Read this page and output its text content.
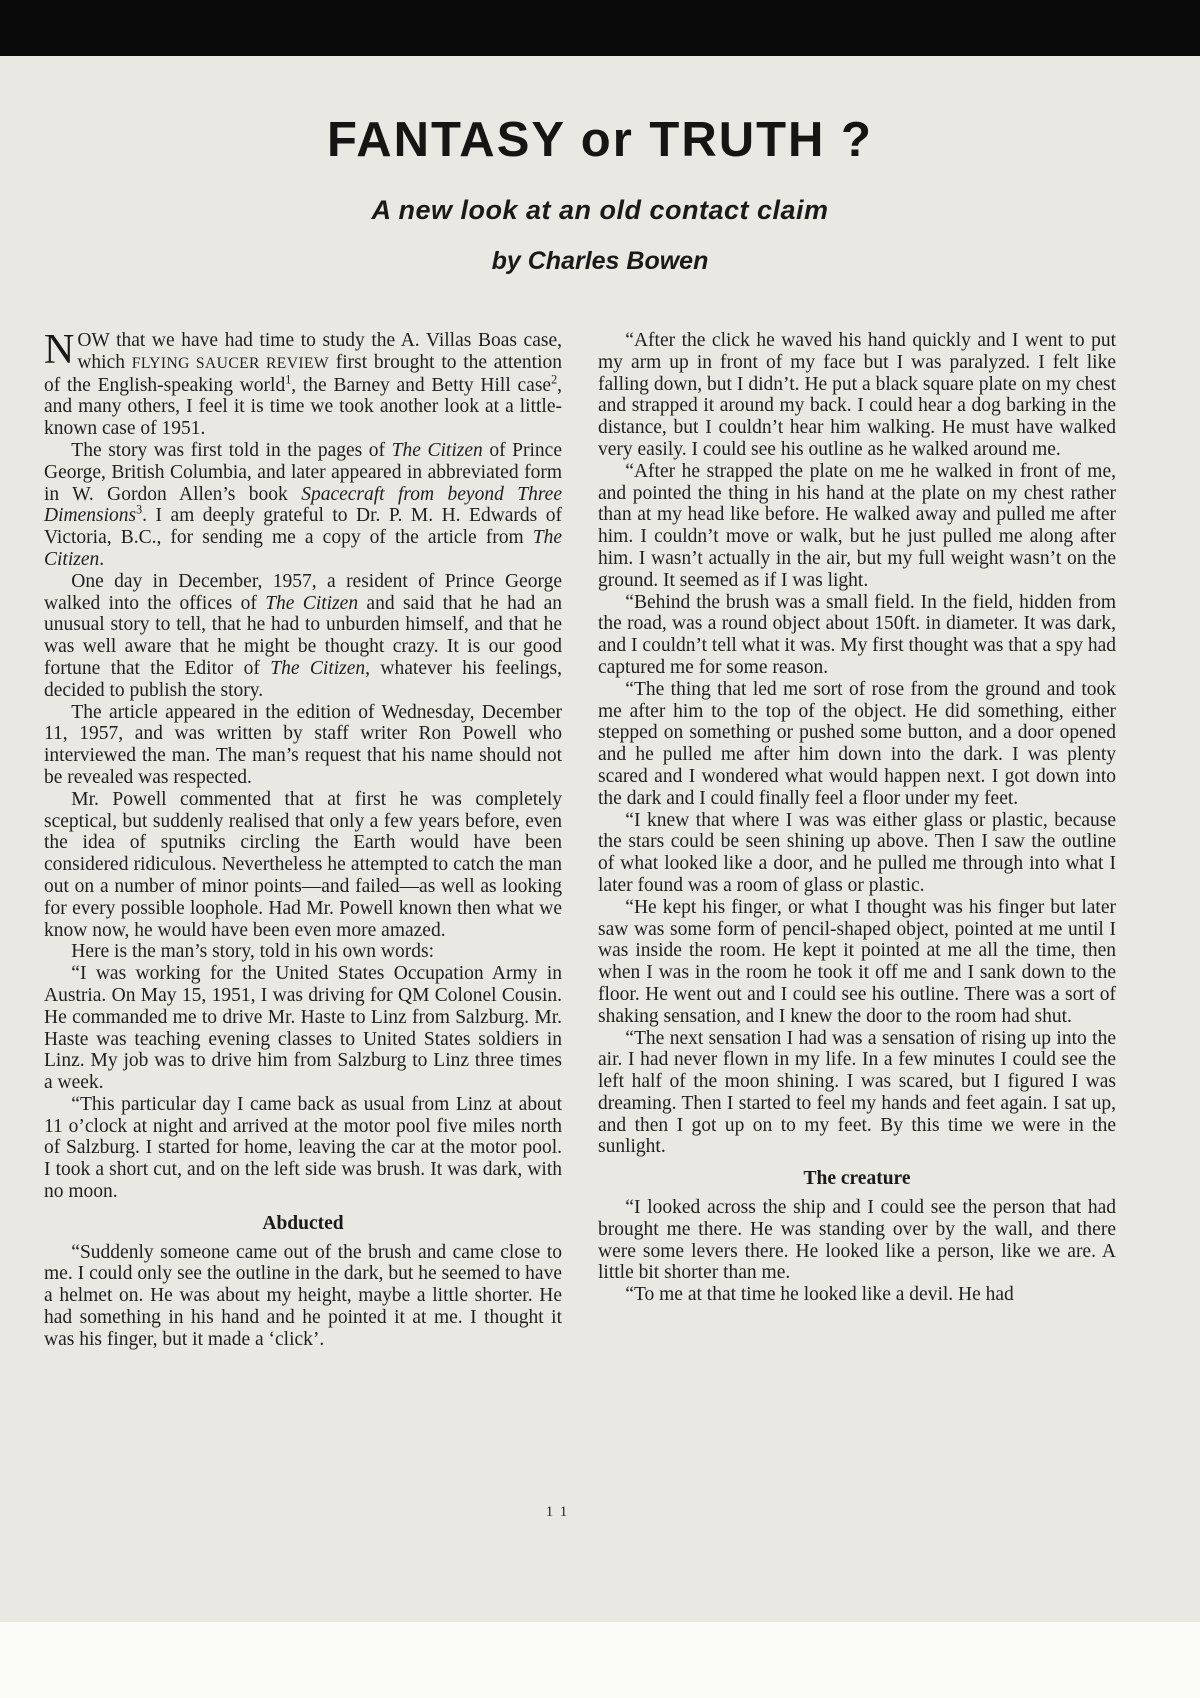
FANTASY or TRUTH ?
A new look at an old contact claim
by Charles Bowen

NOW that we have had time to study the A. Villas Boas case, which FLYING SAUCER REVIEW first brought to the attention of the English-speaking world$^1$, the Barney and Betty Hill case$^2$, and many others, I feel it is time we took another look at a little-known case of 1951.

The story was first told in the pages of The Citizen of Prince George, British Columbia, and later appeared in abbreviated form in W. Gordon Allen’s book Spacecraft from beyond Three Dimensions$^3$. I am deeply grateful to Dr. P. M. H. Edwards of Victoria, B.C., for sending me a copy of the article from The Citizen.

One day in December, 1957, a resident of Prince George walked into the offices of The Citizen and said that he had an unusual story to tell, that he had to unburden himself, and that he was well aware that he might be thought crazy. It is our good fortune that the Editor of The Citizen, whatever his feelings, decided to publish the story.

The article appeared in the edition of Wednesday, December 11, 1957, and was written by staff writer Ron Powell who interviewed the man. The man’s request that his name should not be revealed was respected.

Mr. Powell commented that at first he was completely sceptical, but suddenly realised that only a few years before, even the idea of sputniks circling the Earth would have been considered ridiculous. Nevertheless he attempted to catch the man out on a number of minor points—and failed—as well as looking for every possible loophole. Had Mr. Powell known then what we know now, he would have been even more amazed.

Here is the man’s story, told in his own words:

“I was working for the United States Occupation Army in Austria. On May 15, 1951, I was driving for QM Colonel Cousin. He commanded me to drive Mr. Haste to Linz from Salzburg. Mr. Haste was teaching evening classes to United States soldiers in Linz. My job was to drive him from Salzburg to Linz three times a week.

“This particular day I came back as usual from Linz at about 11 o’clock at night and arrived at the motor pool five miles north of Salzburg. I started for home, leaving the car at the motor pool. I took a short cut, and on the left side was brush. It was dark, with no moon.

Abducted

“Suddenly someone came out of the brush and came close to me. I could only see the outline in the dark, but he seemed to have a helmet on. He was about my height, maybe a little shorter. He had something in his hand and he pointed it at me. I thought it was his finger, but it made a ‘click’.

“After the click he waved his hand quickly and I went to put my arm up in front of my face but I was paralyzed. I felt like falling down, but I didn’t. He put a black square plate on my chest and strapped it around my back. I could hear a dog barking in the distance, but I couldn’t hear him walking. He must have walked very easily. I could see his outline as he walked around me.

“After he strapped the plate on me he walked in front of me, and pointed the thing in his hand at the plate on my chest rather than at my head like before. He walked away and pulled me after him. I couldn’t move or walk, but he just pulled me along after him. I wasn’t actually in the air, but my full weight wasn’t on the ground. It seemed as if I was light.

“Behind the brush was a small field. In the field, hidden from the road, was a round object about 150ft. in diameter. It was dark, and I couldn’t tell what it was. My first thought was that a spy had captured me for some reason.

“The thing that led me sort of rose from the ground and took me after him to the top of the object. He did something, either stepped on something or pushed some button, and a door opened and he pulled me after him down into the dark. I was plenty scared and I wondered what would happen next. I got down into the dark and I could finally feel a floor under my feet.

“I knew that where I was was either glass or plastic, because the stars could be seen shining up above. Then I saw the outline of what looked like a door, and he pulled me through into what I later found was a room of glass or plastic.

“He kept his finger, or what I thought was his finger but later saw was some form of pencil-shaped object, pointed at me until I was inside the room. He kept it pointed at me all the time, then when I was in the room he took it off me and I sank down to the floor. He went out and I could see his outline. There was a sort of shaking sensation, and I knew the door to the room had shut.

“The next sensation I had was a sensation of rising up into the air. I had never flown in my life. In a few minutes I could see the left half of the moon shining. I was scared, but I figured I was dreaming. Then I started to feel my hands and feet again. I sat up, and then I got up on to my feet. By this time we were in the sunlight.

The creature

“I looked across the ship and I could see the person that had brought me there. He was standing over by the wall, and there were some levers there. He looked like a person, like we are. A little bit shorter than me.

“To me at that time he looked like a devil. He had

11
